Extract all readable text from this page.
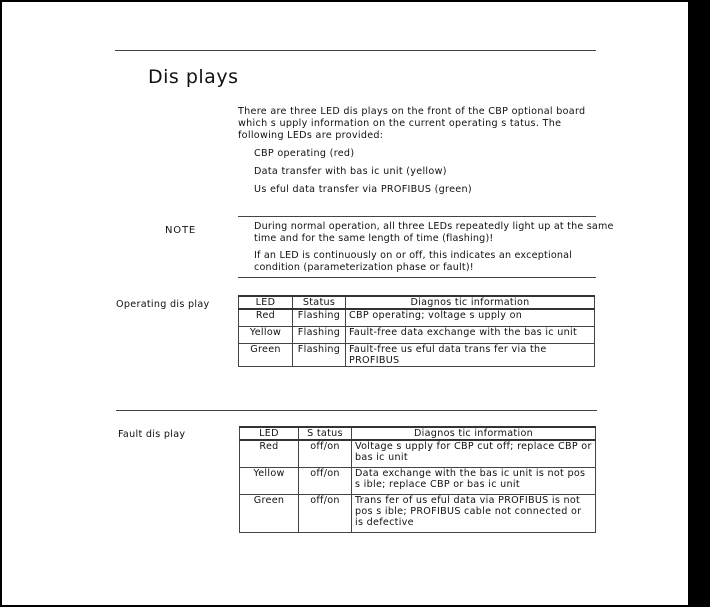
Dis plays
There are three LED dis plays on the front of the CBP optional board which s upply information on the current operating s tatus. The following LEDs are provided:
CBP operating (red)
Data transfer with bas ic unit (yellow)
Us eful data transfer via PROFIBUS (green)
NOTE	During normal operation, all three LEDs repeatedly light up at the same time and for the same length of time (flashing)!
If an LED is continuously on or off, this indicates an exceptional condition (parameterization phase or fault)!
Operating dis play	LED	Status	Diagnos tic information
Red	Flashing	CBP operating; voltage s upply on
Yellow	Flashing	Fault-free data exchange with the bas ic unit
Green	Flashing	Fault-free us eful data trans fer via the PROFIBUS
Fault dis play	LED	S tatus	Diagnos tic information
Red	off/on	Voltage s upply for CBP cut off; replace CBP or bas ic unit
Yellow	off/on	Data exchange with the bas ic unit is not pos s ible; replace CBP or bas ic unit
Green	off/on	Trans fer of us eful data via PROFIBUS is not pos s ible; PROFIBUS cable not connected or is defective
